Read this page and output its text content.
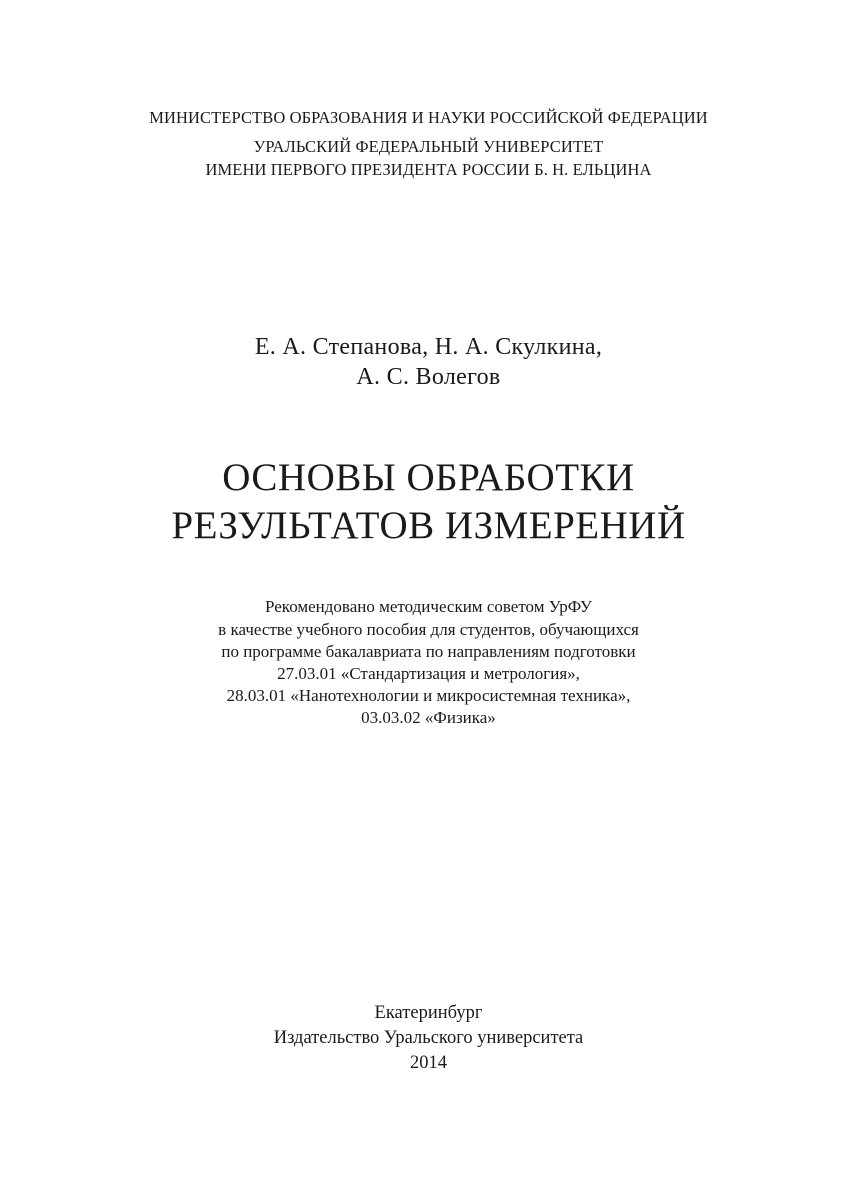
МИНИСТЕРСТВО ОБРАЗОВАНИЯ И НАУКИ РОССИЙСКОЙ ФЕДЕРАЦИИ
УРАЛЬСКИЙ ФЕДЕРАЛЬНЫЙ УНИВЕРСИТЕТ
ИМЕНИ ПЕРВОГО ПРЕЗИДЕНТА РОССИИ Б. Н. ЕЛЬЦИНА
Е. А. Степанова, Н. А. Скулкина,
А. С. Волегов
ОСНОВЫ ОБРАБОТКИ
РЕЗУЛЬТАТОВ ИЗМЕРЕНИЙ
Рекомендовано методическим советом УрФУ
в качестве учебного пособия для студентов, обучающихся
по программе бакалавриата по направлениям подготовки
27.03.01 «Стандартизация и метрология»,
28.03.01 «Нанотехнологии и микросистемная техника»,
03.03.02 «Физика»
Екатеринбург
Издательство Уральского университета
2014
